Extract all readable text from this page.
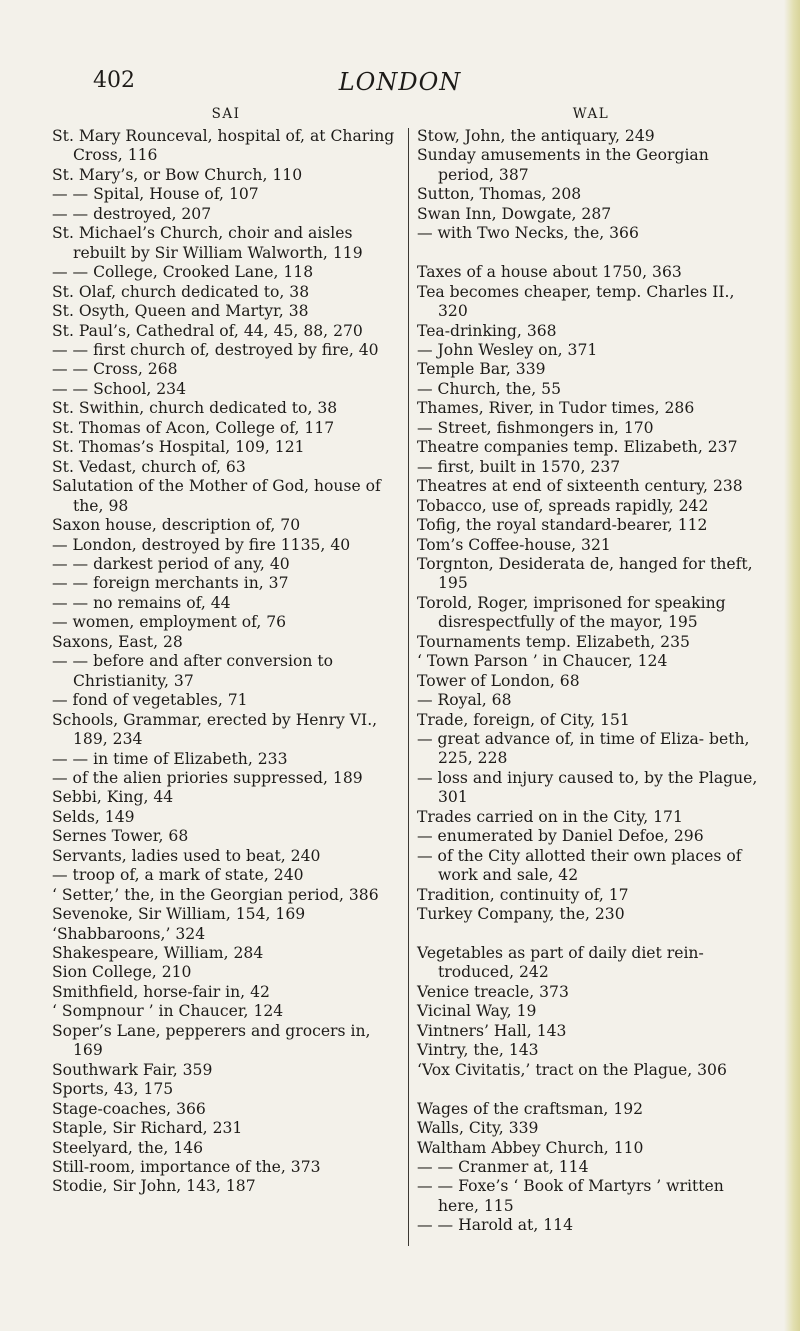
402	LONDON
SAI
St. Mary Rounceval, hospital of, at Charing Cross, 116
St. Mary’s, or Bow Church, 110
— — Spital, House of, 107
— — destroyed, 207
St. Michael’s Church, choir and aisles rebuilt by Sir William Walworth, 119
— — College, Crooked Lane, 118
St. Olaf, church dedicated to, 38
St. Osyth, Queen and Martyr, 38
St. Paul’s, Cathedral of, 44, 45, 88, 270
— — first church of, destroyed by fire, 40
— — Cross, 268
— — School, 234
St. Swithin, church dedicated to, 38
St. Thomas of Acon, College of, 117
St. Thomas’s Hospital, 109, 121
St. Vedast, church of, 63
Salutation of the Mother of God, house of the, 98
Saxon house, description of, 70
— London, destroyed by fire 1135, 40
— — darkest period of any, 40
— — foreign merchants in, 37
— — no remains of, 44
— women, employment of, 76
Saxons, East, 28
— — before and after conversion to Christianity, 37
— fond of vegetables, 71
Schools, Grammar, erected by Henry VI., 189, 234
— — in time of Elizabeth, 233
— of the alien priories suppressed, 189
Sebbi, King, 44
Selds, 149
Sernes Tower, 68
Servants, ladies used to beat, 240
— troop of, a mark of state, 240
‘ Setter,’ the, in the Georgian period, 386
Sevenoke, Sir William, 154, 169
‘Shabbaroons,’ 324
Shakespeare, William, 284
Sion College, 210
Smithfield, horse-fair in, 42
‘ Sompnour ’ in Chaucer, 124
Soper’s Lane, pepperers and grocers in, 169
Southwark Fair, 359
Sports, 43, 175
Stage-coaches, 366
Staple, Sir Richard, 231
Steelyard, the, 146
Still-room, importance of the, 373
Stodie, Sir John, 143, 187
WAL
Stow, John, the antiquary, 249
Sunday amusements in the Georgian period, 387
Sutton, Thomas, 208
Swan Inn, Dowgate, 287
— with Two Necks, the, 366
Taxes of a house about 1750, 363
Tea becomes cheaper, temp. Charles II., 320
Tea-drinking, 368
— John Wesley on, 371
Temple Bar, 339
— Church, the, 55
Thames, River, in Tudor times, 286
— Street, fishmongers in, 170
Theatre companies temp. Elizabeth, 237
— first, built in 1570, 237
Theatres at end of sixteenth century, 238
Tobacco, use of, spreads rapidly, 242
Tofig, the royal standard-bearer, 112
Tom’s Coffee-house, 321
Torgnton, Desiderata de, hanged for theft, 195
Torold, Roger, imprisoned for speaking disrespectfully of the mayor, 195
Tournaments temp. Elizabeth, 235
‘ Town Parson ’ in Chaucer, 124
Tower of London, 68
— Royal, 68
Trade, foreign, of City, 151
— great advance of, in time of Eliza- beth, 225, 228
— loss and injury caused to, by the Plague, 301
Trades carried on in the City, 171
— enumerated by Daniel Defoe, 296
— of the City allotted their own places of work and sale, 42
Tradition, continuity of, 17
Turkey Company, the, 230
Vegetables as part of daily diet rein- troduced, 242
Venice treacle, 373
Vicinal Way, 19
Vintners’ Hall, 143
Vintry, the, 143
‘Vox Civitatis,’ tract on the Plague, 306
Wages of the craftsman, 192
Walls, City, 339
Waltham Abbey Church, 110
— — Cranmer at, 114
— — Foxe’s ‘ Book of Martyrs ’ written here, 115
— — Harold at, 114
